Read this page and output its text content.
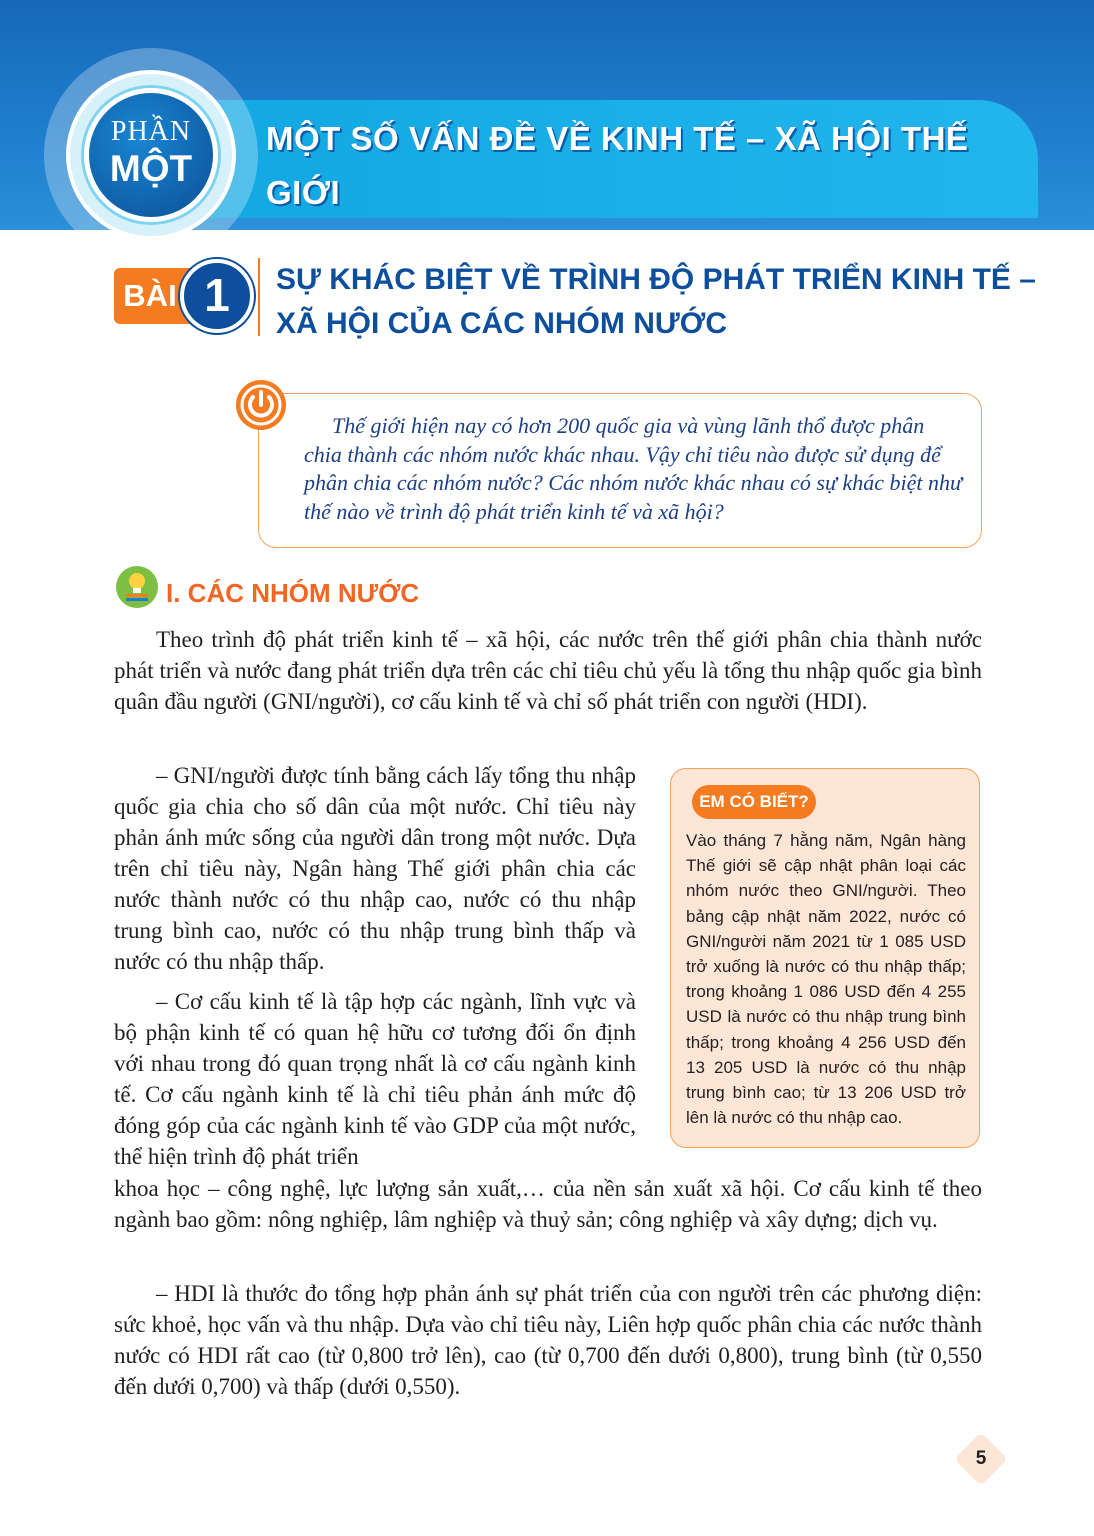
MỘT SỐ VẤN ĐỀ VỀ KINH TẾ – XÃ HỘI THẾ GIỚI
PHẦN
MỘT
BÀI 1	SỰ KHÁC BIỆT VỀ TRÌNH ĐỘ PHÁT TRIỂN KINH TẾ – XÃ HỘI CỦA CÁC NHÓM NƯỚC
Thế giới hiện nay có hơn 200 quốc gia và vùng lãnh thổ được phân chia thành các nhóm nước khác nhau. Vậy chỉ tiêu nào được sử dụng để phân chia các nhóm nước? Các nhóm nước khác nhau có sự khác biệt như thế nào về trình độ phát triển kinh tế và xã hội?
I. CÁC NHÓM NƯỚC

Theo trình độ phát triển kinh tế – xã hội, các nước trên thế giới phân chia thành nước phát triển và nước đang phát triển dựa trên các chỉ tiêu chủ yếu là tổng thu nhập quốc gia bình quân đầu người (GNI/người), cơ cấu kinh tế và chỉ số phát triển con người (HDI).

– GNI/người được tính bằng cách lấy tổng thu nhập quốc gia chia cho số dân của một nước. Chỉ tiêu này phản ánh mức sống của người dân trong một nước. Dựa trên chỉ tiêu này, Ngân hàng Thế giới phân chia các nước thành nước có thu nhập cao, nước có thu nhập trung bình cao, nước có thu nhập trung bình thấp và nước có thu nhập thấp.

– Cơ cấu kinh tế là tập hợp các ngành, lĩnh vực và bộ phận kinh tế có quan hệ hữu cơ tương đối ổn định với nhau trong đó quan trọng nhất là cơ cấu ngành kinh tế. Cơ cấu ngành kinh tế là chỉ tiêu phản ánh mức độ đóng góp của các ngành kinh tế vào GDP của một nước, thể hiện trình độ phát triển

khoa học – công nghệ, lực lượng sản xuất,… của nền sản xuất xã hội. Cơ cấu kinh tế theo ngành bao gồm: nông nghiệp, lâm nghiệp và thuỷ sản; công nghiệp và xây dựng; dịch vụ.

– HDI là thước đo tổng hợp phản ánh sự phát triển của con người trên các phương diện: sức khoẻ, học vấn và thu nhập. Dựa vào chỉ tiêu này, Liên hợp quốc phân chia các nước thành nước có HDI rất cao (từ 0,800 trở lên), cao (từ 0,700 đến dưới 0,800), trung bình (từ 0,550 đến dưới 0,700) và thấp (dưới 0,550).

EM CÓ BIẾT?
Vào tháng 7 hằng năm, Ngân hàng Thế giới sẽ cập nhật phân loại các nhóm nước theo GNI/người. Theo bảng cập nhật năm 2022, nước có GNI/người năm 2021 từ 1 085 USD trở xuống là nước có thu nhập thấp; trong khoảng 1 086 USD đến 4 255 USD là nước có thu nhập trung bình thấp; trong khoảng 4 256 USD đến 13 205 USD là nước có thu nhập trung bình cao; từ 13 206 USD trở lên là nước có thu nhập cao.
5
